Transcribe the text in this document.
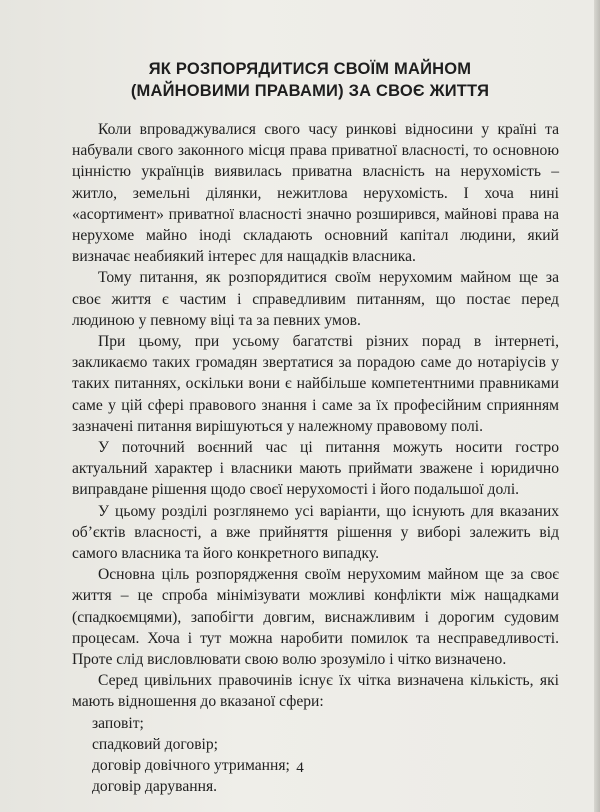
ЯК РОЗПОРЯДИТИСЯ СВОЇМ МАЙНОМ
(МАЙНОВИМИ ПРАВАМИ) ЗА СВОЄ ЖИТТЯ

Коли впроваджувалися свого часу ринкові відносини у країні та набували свого законного місця права приватної власності, то основною цінністю українців виявилась приватна власність на нерухомість – житло, земельні ділянки, нежитлова нерухомість. І хоча нині «асортимент» приватної власності значно розширився, майнові права на нерухоме майно іноді складають основний капітал людини, який визначає неабиякий інтерес для нащадків власника.

Тому питання, як розпорядитися своїм нерухомим майном ще за своє життя є частим і справедливим питанням, що постає перед людиною у певному віці та за певних умов.

При цьому, при усьому багатстві різних порад в інтернеті, закликаємо таких громадян звертатися за порадою саме до нотаріусів у таких питаннях, оскільки вони є найбільше компетентними правниками саме у цій сфері правового знання і саме за їх професійним сприянням зазначені питання вирішуються у належному правовому полі.

У поточний воєнний час ці питання можуть носити гостро актуальний характер і власники мають приймати зважене і юридично виправдане рішення щодо своєї нерухомості і його подальшої долі.

У цьому розділі розглянемо усі варіанти, що існують для вказаних об’єктів власності, а вже прийняття рішення у виборі залежить від самого власника та його конкретного випадку.

Основна ціль розпорядження своїм нерухомим майном ще за своє життя – це спроба мінімізувати можливі конфлікти між нащадками (спадкоємцями), запобігти довгим, виснажливим і дорогим судовим процесам. Хоча і тут можна наробити помилок та несправедливості. Проте слід висловлювати свою волю зрозуміло і чітко визначено.

Серед цивільних правочинів існує їх чітка визначена кількість, які мають відношення до вказаної сфери:

заповіт;

спадковий договір;

договір довічного утримання;

договір дарування.

4
